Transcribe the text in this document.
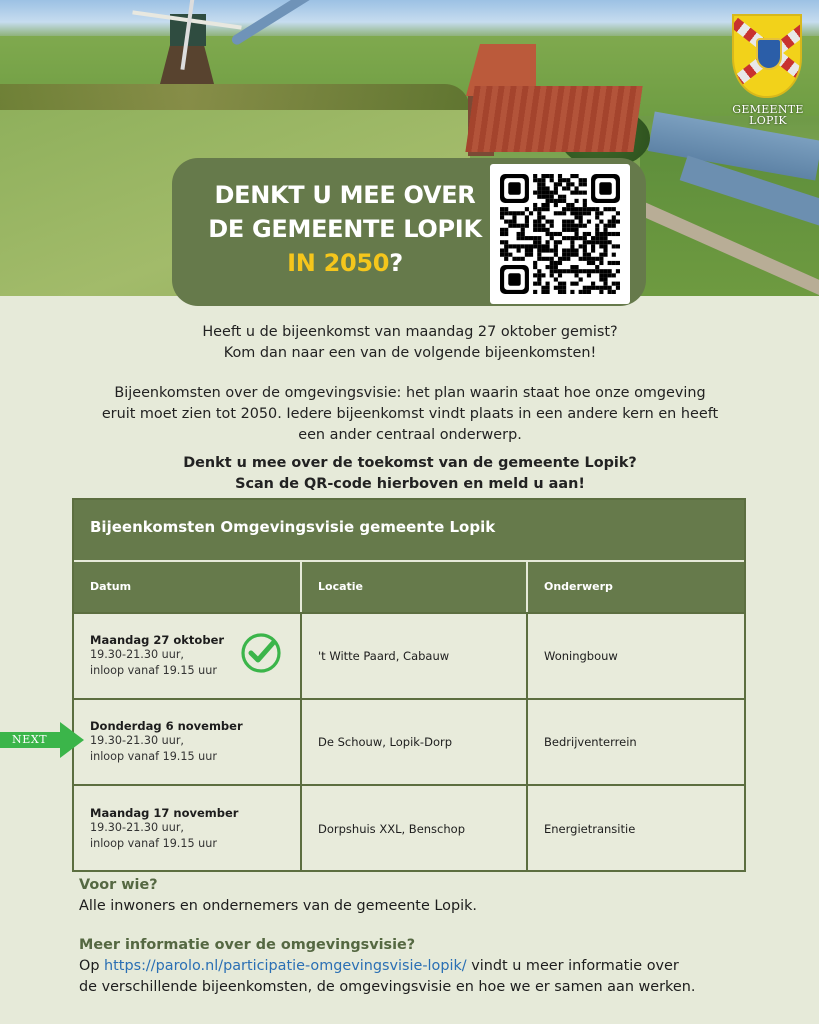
GEMEENTE
LOPIK
DENKT U MEE OVER
DE GEMEENTE LOPIK
IN 2050?
Heeft u de bijeenkomst van maandag 27 oktober gemist?
Kom dan naar een van de volgende bijeenkomsten!
Bijeenkomsten over de omgevingsvisie: het plan waarin staat hoe onze omgeving
eruit moet zien tot 2050. Iedere bijeenkomst vindt plaats in een andere kern en heeft
een ander centraal onderwerp.
Denkt u mee over de toekomst van de gemeente Lopik?
Scan de QR-code hierboven en meld u aan!
Bijeenkomsten Omgevingsvisie gemeente Lopik
Datum	Locatie	Onderwerp
Maandag 27 oktober
19.30-21.30 uur,
inloop vanaf 19.15 uur
't Witte Paard, Cabauw	Woningbouw
Donderdag 6 november
19.30-21.30 uur,
inloop vanaf 19.15 uur
De Schouw, Lopik-Dorp	Bedrijventerrein
Maandag 17 november
19.30-21.30 uur,
inloop vanaf 19.15 uur
Dorpshuis XXL, Benschop	Energietransitie
NEXT
Voor wie?
Alle inwoners en ondernemers van de gemeente Lopik.
Meer informatie over de omgevingsvisie?
Op https://parolo.nl/participatie-omgevingsvisie-lopik/ vindt u meer informatie over
de verschillende bijeenkomsten, de omgevingsvisie en hoe we er samen aan werken.
